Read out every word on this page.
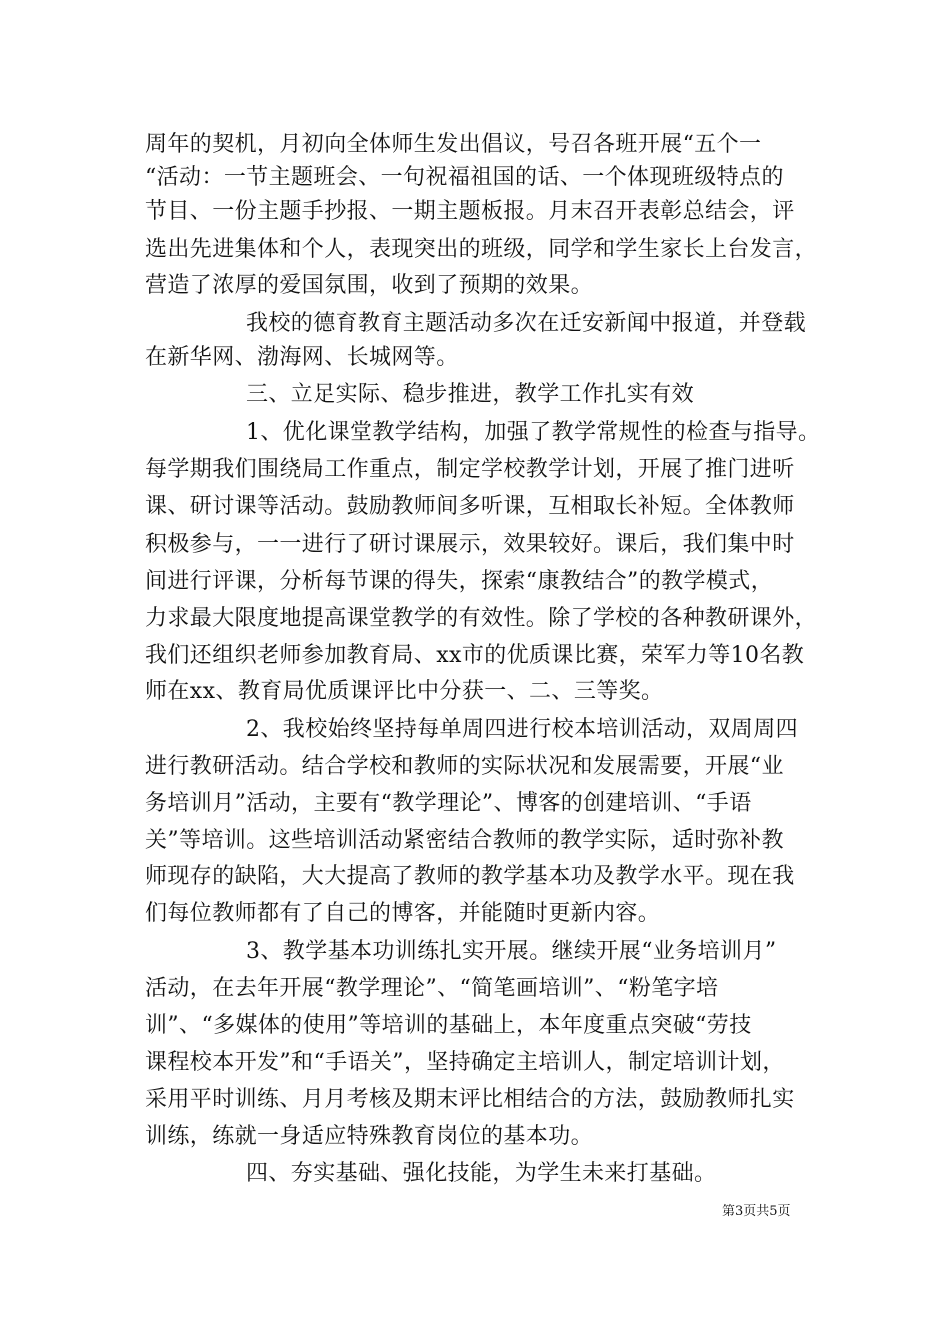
周年的契机，月初向全体师生发出倡议，号召各班开展“五个一
“活动：一节主题班会、一句祝福祖国的话、一个体现班级特点的
节目、一份主题手抄报、一期主题板报。月末召开表彰总结会，评
选出先进集体和个人，表现突出的班级，同学和学生家长上台发言，
营造了浓厚的爱国氛围，收到了预期的效果。
我校的德育教育主题活动多次在迁安新闻中报道，并登载
在新华网、渤海网、长城网等。
三、立足实际、稳步推进，教学工作扎实有效
1、优化课堂教学结构，加强了教学常规性的检查与指导。
每学期我们围绕局工作重点，制定学校教学计划，开展了推门进听
课、研讨课等活动。鼓励教师间多听课，互相取长补短。全体教师
积极参与，一一进行了研讨课展示，效果较好。课后，我们集中时
间进行评课，分析每节课的得失，探索“康教结合”的教学模式，
力求最大限度地提高课堂教学的有效性。除了学校的各种教研课外，
我们还组织老师参加教育局、xx市的优质课比赛，荣军力等10名教
师在xx、教育局优质课评比中分获一、二、三等奖。
2、我校始终坚持每单周四进行校本培训活动，双周周四
进行教研活动。结合学校和教师的实际状况和发展需要，开展“业
务培训月”活动，主要有“教学理论”、博客的创建培训、“手语
关”等培训。这些培训活动紧密结合教师的教学实际，适时弥补教
师现存的缺陷，大大提高了教师的教学基本功及教学水平。现在我
们每位教师都有了自己的博客，并能随时更新内容。
3、教学基本功训练扎实开展。继续开展“业务培训月”
活动，在去年开展“教学理论”、“简笔画培训”、“粉笔字培
训”、“多媒体的使用”等培训的基础上，本年度重点突破“劳技
课程校本开发”和“手语关”，坚持确定主培训人，制定培训计划，
采用平时训练、月月考核及期末评比相结合的方法，鼓励教师扎实
训练，练就一身适应特殊教育岗位的基本功。
四、夯实基础、强化技能，为学生未来打基础。
第3页共5页
